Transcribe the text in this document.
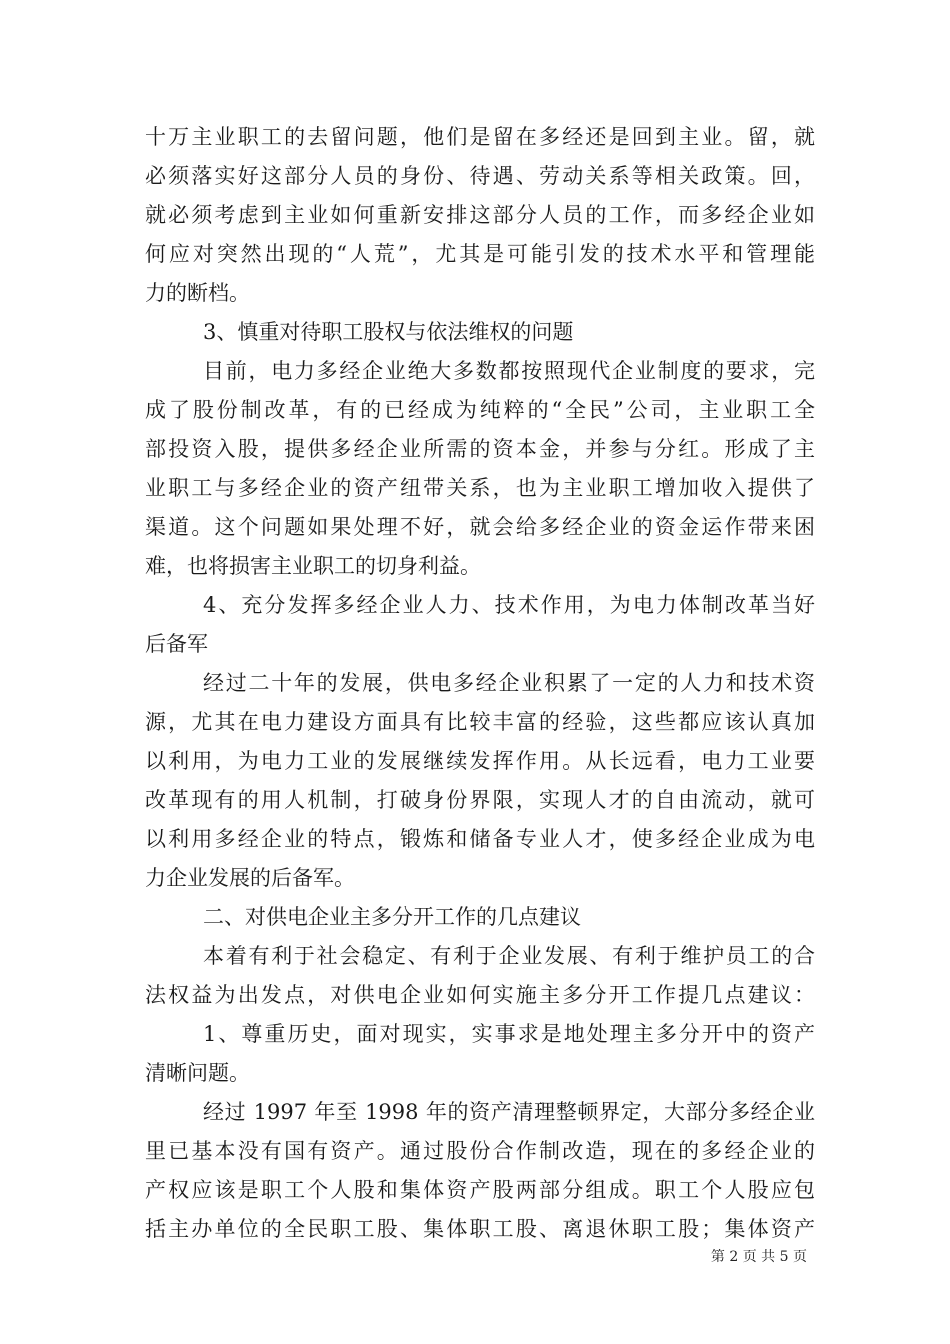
十万主业职工的去留问题，他们是留在多经还是回到主业。留，就
必须落实好这部分人员的身份、待遇、劳动关系等相关政策。回，
就必须考虑到主业如何重新安排这部分人员的工作，而多经企业如
何应对突然出现的“人荒”，尤其是可能引发的技术水平和管理能
力的断档。
3、慎重对待职工股权与依法维权的问题
目前，电力多经企业绝大多数都按照现代企业制度的要求，完
成了股份制改革，有的已经成为纯粹的“全民”公司，主业职工全
部投资入股，提供多经企业所需的资本金，并参与分红。形成了主
业职工与多经企业的资产纽带关系，也为主业职工增加收入提供了
渠道。这个问题如果处理不好，就会给多经企业的资金运作带来困
难，也将损害主业职工的切身利益。
4、充分发挥多经企业人力、技术作用，为电力体制改革当好
后备军
经过二十年的发展，供电多经企业积累了一定的人力和技术资
源，尤其在电力建设方面具有比较丰富的经验，这些都应该认真加
以利用，为电力工业的发展继续发挥作用。从长远看，电力工业要
改革现有的用人机制，打破身份界限，实现人才的自由流动，就可
以利用多经企业的特点，锻炼和储备专业人才，使多经企业成为电
力企业发展的后备军。
二、对供电企业主多分开工作的几点建议
本着有利于社会稳定、有利于企业发展、有利于维护员工的合
法权益为出发点，对供电企业如何实施主多分开工作提几点建议：
1、尊重历史，面对现实，实事求是地处理主多分开中的资产
清晰问题。
经过 1997 年至 1998 年的资产清理整顿界定，大部分多经企业
里已基本没有国有资产。通过股份合作制改造，现在的多经企业的
产权应该是职工个人股和集体资产股两部分组成。职工个人股应包
括主办单位的全民职工股、集体职工股、离退休职工股；集体资产
第 2 页 共 5 页
